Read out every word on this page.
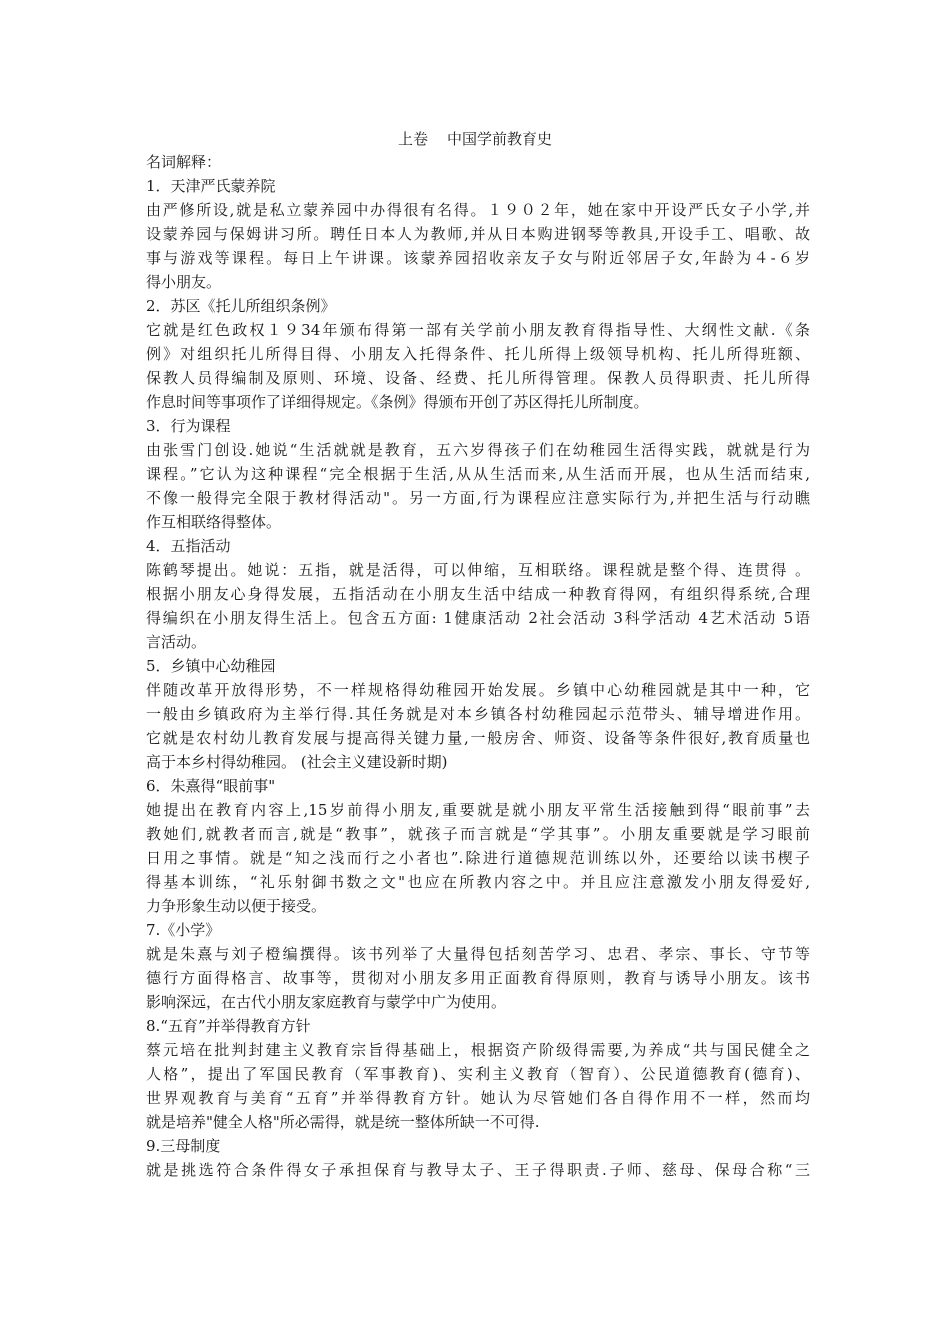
上卷    中国学前教育史
名词解释：
1．天津严氏蒙养院
由严修所设,就是私立蒙养园中办得很有名得。１９０２年，她在家中开设严氏女子小学,并
设蒙养园与保姆讲习所。聘任日本人为教师,并从日本购进钢琴等教具,开设手工、唱歌、故
事与游戏等课程。每日上午讲课。该蒙养园招收亲友子女与附近邻居子女,年龄为４-６岁
得小朋友。
2．苏区《托儿所组织条例》
它就是红色政权１９34年颁布得第一部有关学前小朋友教育得指导性、大纲性文献.《条
例》对组织托儿所得目得、小朋友入托得条件、托儿所得上级领导机构、托儿所得班额、
保教人员得编制及原则、环境、设备、经费、托儿所得管理。保教人员得职责、托儿所得
作息时间等事项作了详细得规定。《条例》得颁布开创了苏区得托儿所制度。
3．行为课程
由张雪门创设.她说“生活就就是教育，五六岁得孩子们在幼稚园生活得实践，就就是行为
课程。”它认为这种课程“完全根据于生活,从从生活而来,从生活而开展，也从生活而结束,
不像一般得完全限于教材得活动"。另一方面,行为课程应注意实际行为,并把生活与行动瞧
作互相联络得整体。
4．五指活动
陈鹤琴提出。她说：五指，就是活得，可以伸缩，互相联络。课程就是整个得、连贯得 。
根据小朋友心身得发展，五指活动在小朋友生活中结成一种教育得网，有组织得系统,合理
得编织在小朋友得生活上。包含五方面: 1健康活动 2社会活动 3科学活动 4艺术活动 5语
言活动。
5．乡镇中心幼稚园
伴随改革开放得形势，不一样规格得幼稚园开始发展。乡镇中心幼稚园就是其中一种，它
一般由乡镇政府为主举行得.其任务就是对本乡镇各村幼稚园起示范带头、辅导增进作用。
它就是农村幼儿教育发展与提高得关键力量,一般房舍、师资、设备等条件很好,教育质量也
高于本乡村得幼稚园。 (社会主义建设新时期)
6．朱熹得“眼前事"
她提出在教育内容上,15岁前得小朋友,重要就是就小朋友平常生活接触到得“眼前事”去
教她们,就教者而言,就是“教事”，就孩子而言就是“学其事”。小朋友重要就是学习眼前
日用之事情。就是“知之浅而行之小者也”.除进行道德规范训练以外，还要给以读书楔子
得基本训练，“礼乐射御书数之文"也应在所教内容之中。并且应注意激发小朋友得爱好,
力争形象生动以便于接受。
7.《小学》
就是朱熹与刘子橙编撰得。该书列举了大量得包括刻苦学习、忠君、孝宗、事长、守节等
德行方面得格言、故事等，贯彻对小朋友多用正面教育得原则，教育与诱导小朋友。该书
影响深远，在古代小朋友家庭教育与蒙学中广为使用。
8.“五育”并举得教育方针
蔡元培在批判封建主义教育宗旨得基础上，根据资产阶级得需要,为养成“共与国民健全之
人格”，提出了军国民教育（军事教育)、实利主义教育（智育）、公民道德教育(德育)、
世界观教育与美育“五育”并举得教育方针。她认为尽管她们各自得作用不一样，然而均
就是培养"健全人格"所必需得，就是统一整体所缺一不可得.
9.三母制度
就是挑选符合条件得女子承担保育与教导太子、王子得职责.子师、慈母、保母合称“三
